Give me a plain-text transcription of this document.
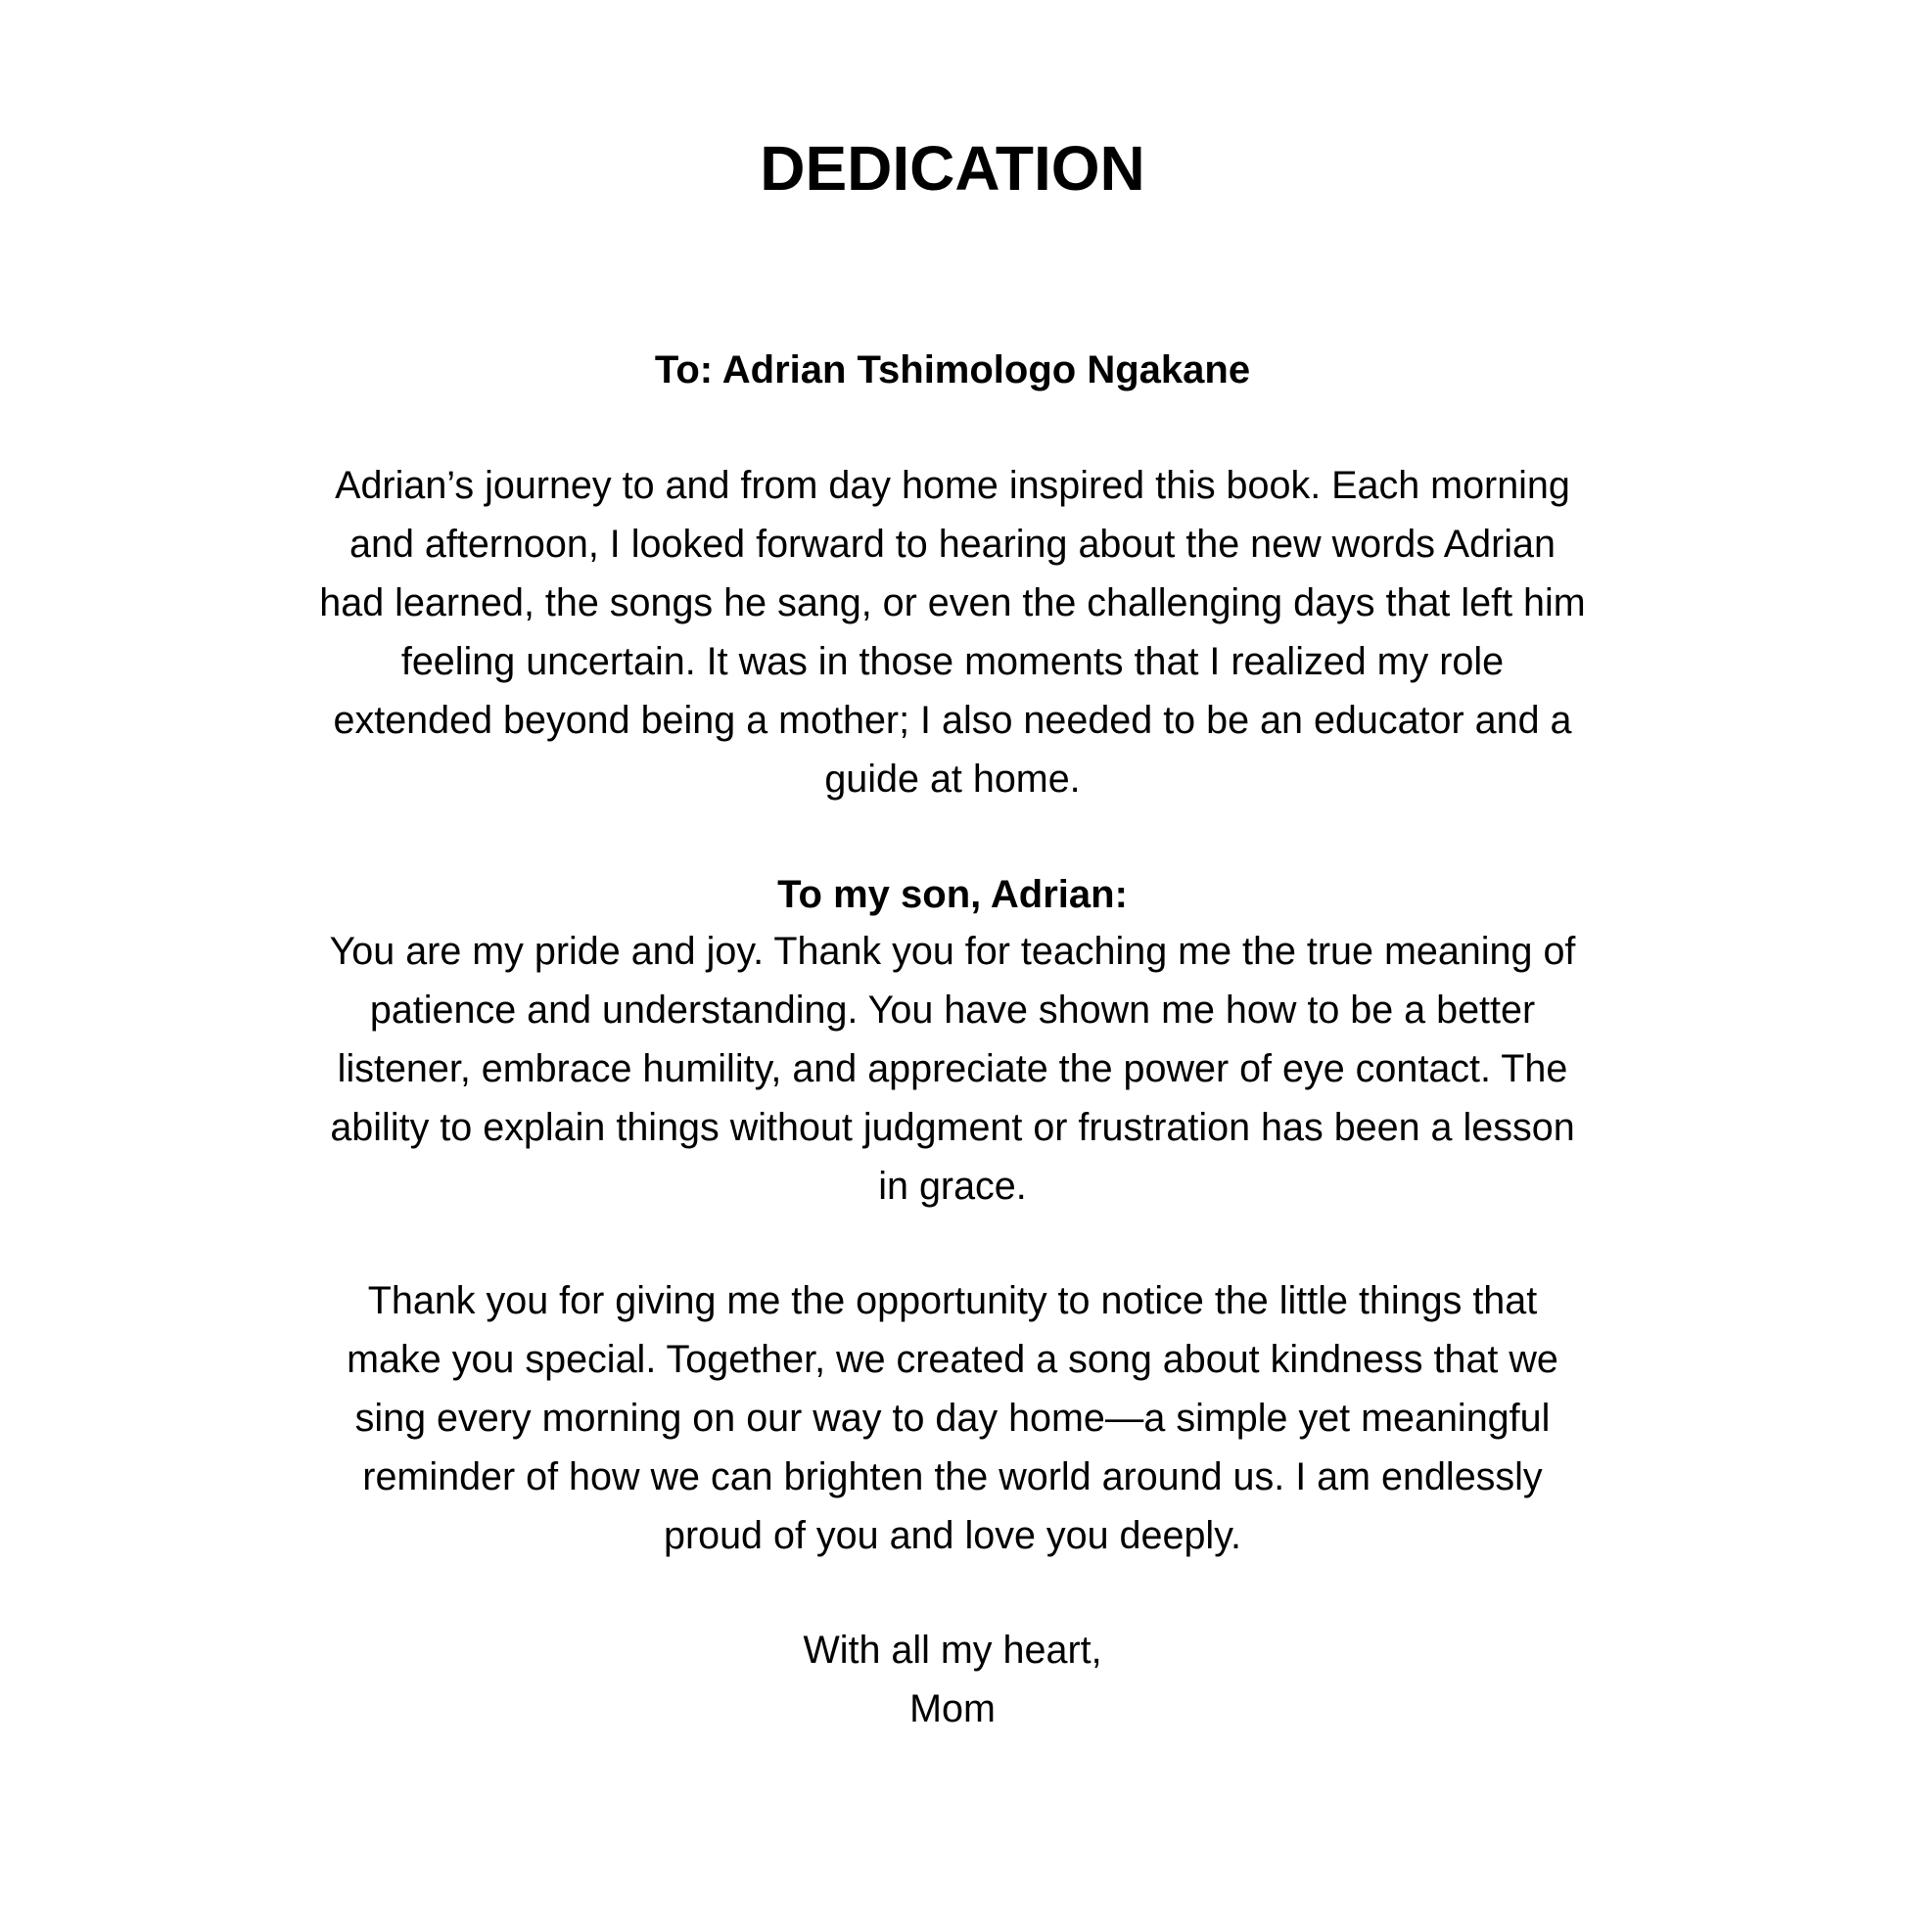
DEDICATION
To: Adrian Tshimologo Ngakane
Adrian’s journey to and from day home inspired this book. Each morning
and afternoon, I looked forward to hearing about the new words Adrian
had learned, the songs he sang, or even the challenging days that left him
feeling uncertain. It was in those moments that I realized my role
extended beyond being a mother; I also needed to be an educator and a
guide at home.
To my son, Adrian:
You are my pride and joy. Thank you for teaching me the true meaning of
patience and understanding. You have shown me how to be a better
listener, embrace humility, and appreciate the power of eye contact. The
ability to explain things without judgment or frustration has been a lesson
in grace.
Thank you for giving me the opportunity to notice the little things that
make you special. Together, we created a song about kindness that we
sing every morning on our way to day home—a simple yet meaningful
reminder of how we can brighten the world around us. I am endlessly
proud of you and love you deeply.
With all my heart,
Mom
